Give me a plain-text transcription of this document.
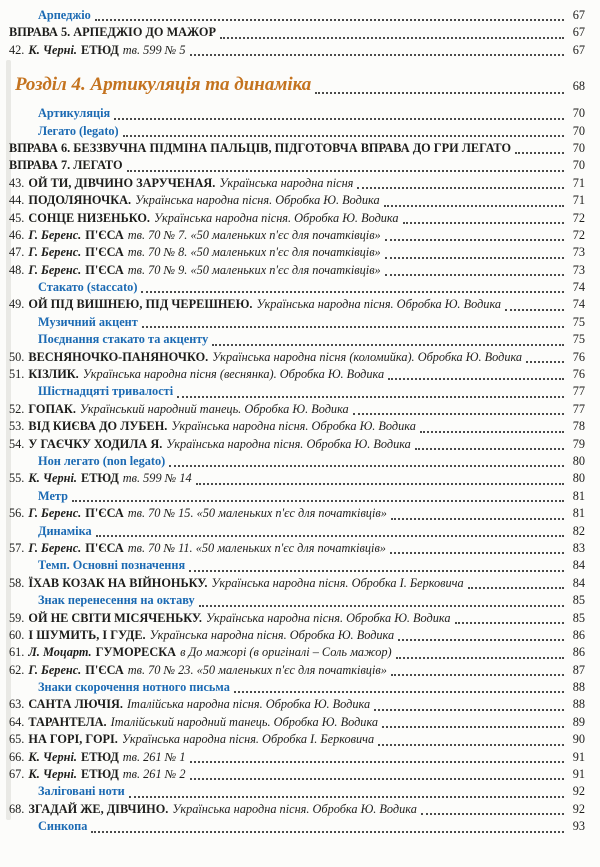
Арпеджіо	67
ВПРАВА 5. АРПЕДЖІО ДО МАЖОР	67
42. К. Черні. ЕТЮД тв. 599 № 5	67
Розділ 4. Артикуляція та динаміка	68
Артикуляція	70
Легато (legato)	70
ВПРАВА 6. БЕЗЗВУЧНА ПІДМІНА ПАЛЬЦІВ, ПІДГОТОВЧА ВПРАВА ДО ГРИ ЛЕГАТО	70
ВПРАВА 7. ЛЕГАТО	70
43. ОЙ ТИ, ДІВЧИНО ЗАРУЧЕНАЯ. Українська народна пісня	71
44. ПОДОЛЯНОЧКА. Українська народна пісня. Обробка Ю. Водика	71
45. СОНЦЕ НИЗЕНЬКО. Українська народна пісня. Обробка Ю. Водика	72
46. Г. Беренс. П'ЄСА тв. 70 № 7. «50 маленьких п'єс для початківців»	72
47. Г. Беренс. П'ЄСА тв. 70 № 8. «50 маленьких п'єс для початківців»	73
48. Г. Беренс. П'ЄСА тв. 70 № 9. «50 маленьких п'єс для початківців»	73
Стакато (staccato)	74
49. ОЙ ПІД ВИШНЕЮ, ПІД ЧЕРЕШНЕЮ. Українська народна пісня. Обробка Ю. Водика	74
Музичний акцент	75
Поєднання стакато та акценту	75
50. ВЕСНЯНОЧКО-ПАНЯНОЧКО. Українська народна пісня (коломийка). Обробка Ю. Водика	76
51. КІЗЛИК. Українська народна пісня (веснянка). Обробка Ю. Водика	76
Шістнадцяті тривалості	77
52. ГОПАК. Український народний танець. Обробка Ю. Водика	77
53. ВІД КИЄВА ДО ЛУБЕН. Українська народна пісня. Обробка Ю. Водика	78
54. У ГАЄЧКУ ХОДИЛА Я. Українська народна пісня. Обробка Ю. Водика	79
Нон легато (non legato)	80
55. К. Черні. ЕТЮД тв. 599 № 14	80
Метр	81
56. Г. Беренс. П'ЄСА тв. 70 № 15. «50 маленьких п'єс для початківців»	81
Динаміка	82
57. Г. Беренс. П'ЄСА тв. 70 № 11. «50 маленьких п'єс для початківців»	83
Темп. Основні позначення	84
58. ЇХАВ КОЗАК НА ВІЙНОНЬКУ. Українська народна пісня. Обробка І. Берковича	84
Знак перенесення на октаву	85
59. ОЙ НЕ СВІТИ МІСЯЧЕНЬКУ. Українська народна пісня. Обробка Ю. Водика	85
60. І ШУМИТЬ, І ГУДЕ. Українська народна пісня. Обробка Ю. Водика	86
61. Л. Моцарт. ГУМОРЕСКА в До мажорі (в оригіналі – Соль мажор)	86
62. Г. Беренс. П'ЄСА тв. 70 № 23. «50 маленьких п'єс для початківців»	87
Знаки скорочення нотного письма	88
63. САНТА ЛЮЧІЯ. Італійська народна пісня. Обробка Ю. Водика	88
64. ТАРАНТЕЛА. Італійський народний танець. Обробка Ю. Водика	89
65. НА ГОРІ, ГОРІ. Українська народна пісня. Обробка І. Берковича	90
66. К. Черні. ЕТЮД тв. 261 № 1	91
67. К. Черні. ЕТЮД тв. 261 № 2	91
Заліговані ноти	92
68. ЗГАДАЙ ЖЕ, ДІВЧИНО. Українська народна пісня. Обробка Ю. Водика	92
Синкопа	93
